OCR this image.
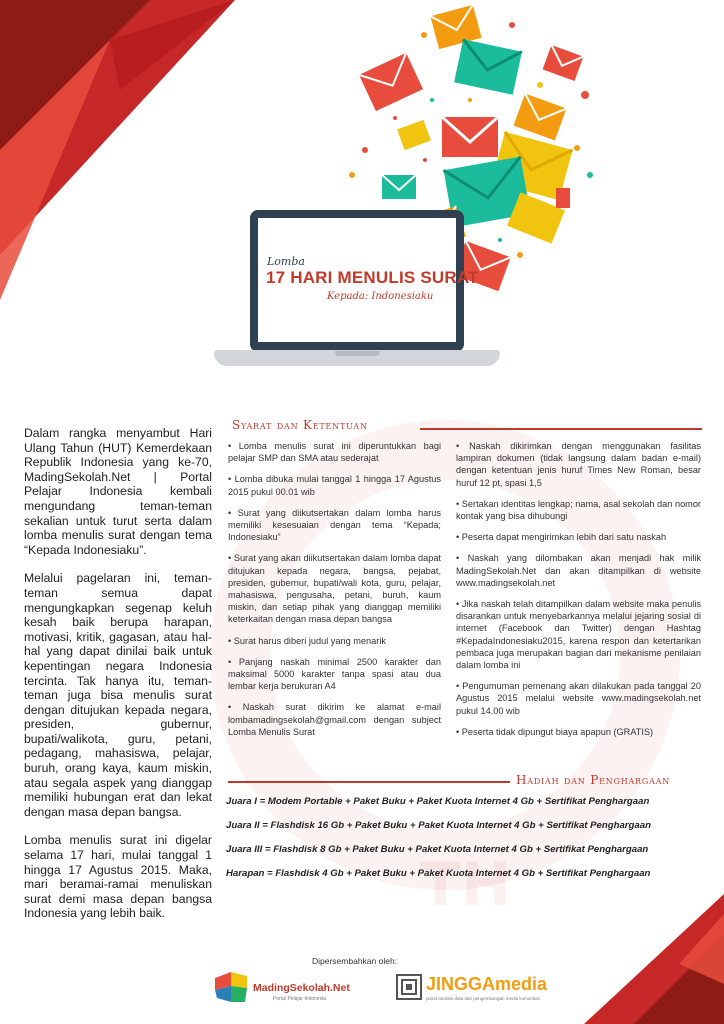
TH
Lomba
17 HARI MENULIS SURAT
Kepada: Indonesiaku

Dalam rangka menyambut Hari Ulang Tahun (HUT) Kemerdekaan Republik Indonesia yang ke-70, MadingSekolah.Net | Portal Pelajar Indonesia kembali mengundang teman-teman sekalian untuk turut serta dalam lomba menulis surat dengan tema “Kepada Indonesiaku”.

Melalui pagelaran ini, teman-teman semua dapat mengungkapkan segenap keluh kesah baik berupa harapan, motivasi, kritik, gagasan, atau hal-hal yang dapat dinilai baik untuk kepentingan negara Indonesia tercinta. Tak hanya itu, teman-teman juga bisa menulis surat dengan ditujukan kepada negara, presiden, gubernur, bupati/walikota, guru, petani, pedagang, mahasiswa, pelajar, buruh, orang kaya, kaum miskin, atau segala aspek yang dianggap memiliki hubungan erat dan lekat dengan masa depan bangsa.

Lomba menulis surat ini digelar selama 17 hari, mulai tanggal 1 hingga 17 Agustus 2015. Maka, mari beramai-ramai menuliskan surat demi masa depan bangsa Indonesia yang lebih baik.

Syarat dan Ketentuan
• Lomba menulis surat ini diperuntukkan bagi pelajar SMP dan SMA atau sederajat
• Lomba dibuka mulai tanggal 1 hingga 17 Agustus 2015 pukul 00.01 wib
• Surat yang diikutsertakan dalam lomba harus memiliki kesesuaian dengan tema “Kepada; Indonesiaku”
• Surat yang akan diikutsertakan dalam lomba dapat ditujukan kepada negara, bangsa, pejabat, presiden, gubernur, bupati/wali kota, guru, pelajar, mahasiswa, pengusaha, petani, buruh, kaum miskin, dan setiap pihak yang dianggap memiliki keterkaitan dengan masa depan bangsa
• Surat harus diberi judul yang menarik
• Panjang naskah minimal 2500 karakter dan maksimal 5000 karakter tanpa spasi atau dua lembar kerja berukuran A4
• Naskah surat dikirim ke alamat e-mail lombamadingsekolah@gmail.com dengan subject Lomba Menulis Surat
• Naskah dikirimkan dengan menggunakan fasilitas lampiran dokumen (tidak langsung dalam badan e-mail) dengan ketentuan jenis huruf Times New Roman, besar huruf 12 pt, spasi 1,5
• Sertakan identitas lengkap; nama, asal sekolah dan nomor kontak yang bisa dihubungi
• Peserta dapat mengirimkan lebih dari satu naskah
• Naskah yang dilombakan akan menjadi hak milik MadingSekolah.Net dan akan ditampilkan di website www.madingsekolah.net
• Jika naskah telah ditampilkan dalam website maka penulis disarankan untuk menyebarkannya melalui jejaring sosial di internet (Facebook dan Twitter) dengan Hashtag #KepadaIndonesiaku2015, karena respon dan ketertarikan pembaca juga merupakan bagian dari mekanisme penilaian dalam lomba ini
• Pengumuman pemenang akan dilakukan pada tanggal 20 Agustus 2015 melalui website www.madingsekolah.net pukul 14.00 wib
• Peserta tidak dipungut biaya apapun (GRATIS)
Hadiah dan Penghargaan
Juara I = Modem Portable + Paket Buku + Paket Kuota Internet 4 Gb + Sertifikat Penghargaan
Juara II = Flashdisk 16 Gb + Paket Buku + Paket Kuota Internet 4 Gb + Sertifikat Penghargaan
Juara III = Flashdisk 8 Gb + Paket Buku + Paket Kuota Internet 4 Gb + Sertifikat Penghargaan
Harapan = Flashdisk 4 Gb + Paket Buku + Paket Kuota Internet 4 Gb + Sertifikat Penghargaan
Dipersembahkan oleh:
MadingSekolah.Net
Portal Pelajar Indonesia
JINGGAmedia
pusat analisis data dan pengembangan media komunitas
